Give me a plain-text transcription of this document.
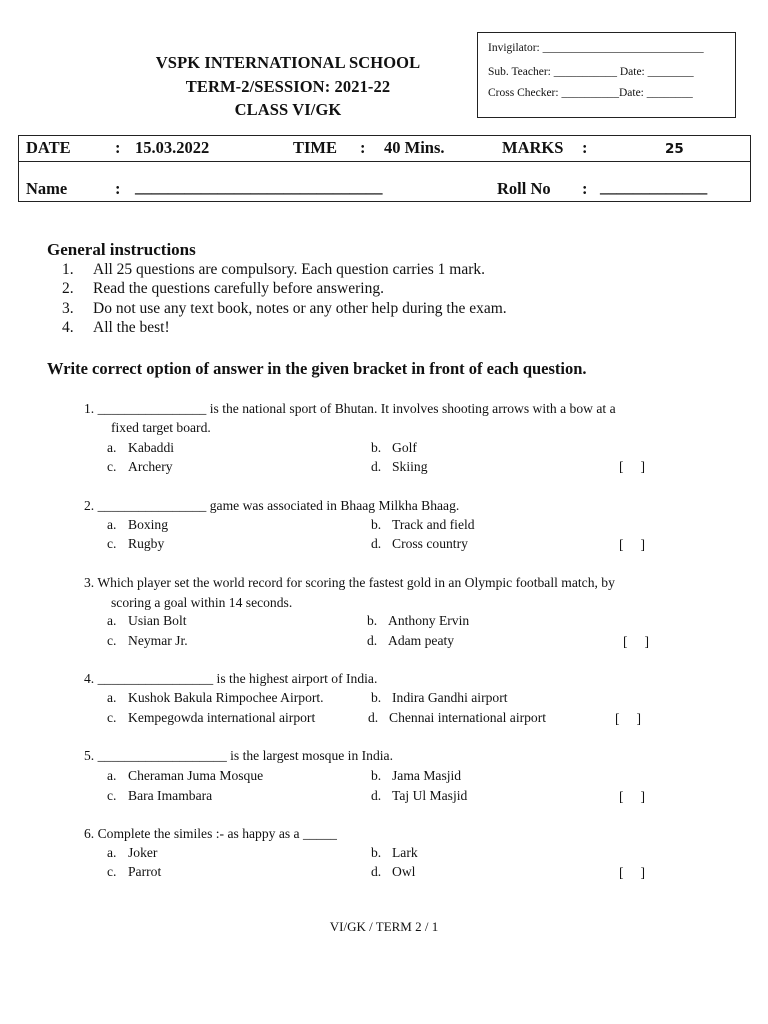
VSPK INTERNATIONAL SCHOOL
TERM-2/SESSION: 2021-22
CLASS VI/GK
Invigilator: ____________________________
Sub. Teacher: ___________ Date: ________
Cross Checker: __________Date: ________
DATE	: 15.03.2022	TIME : 40 Mins.	MARKS :	25
Name	: ______________________________	Roll No : _____________
General instructions
1. All 25 questions are compulsory. Each question carries 1 mark.
2. Read the questions carefully before answering.
3. Do not use any text book, notes or any other help during the exam.
4. All the best!
Write correct option of answer in the given bracket in front of each question.
1. ________________ is the national sport of Bhutan. It involves shooting arrows with a bow at a
fixed target board.
a. Kabaddi	b. Golf
c. Archery	d. Skiing	[     ]
2. ________________ game was associated in Bhaag Milkha Bhaag.
a. Boxing	b. Track and field
c. Rugby	d. Cross country	[     ]
3. Which player set the world record for scoring the fastest gold in an Olympic football match, by
scoring a goal within 14 seconds.
a. Usian Bolt	b. Anthony Ervin
c. Neymar Jr.	d. Adam peaty	[     ]
4. _________________ is the highest airport of India.
a. Kushok Bakula Rimpochee Airport.	b. Indira Gandhi airport
c. Kempegowda international airport	d. Chennai international airport	[     ]
5. ___________________ is the largest mosque in India.
a. Cheraman Juma Mosque	b. Jama Masjid
c. Bara Imambara	d. Taj Ul Masjid	[     ]
6. Complete the similes :- as happy as a _____
a. Joker	b. Lark
c. Parrot	d. Owl	[     ]
VI/GK / TERM 2 / 1
